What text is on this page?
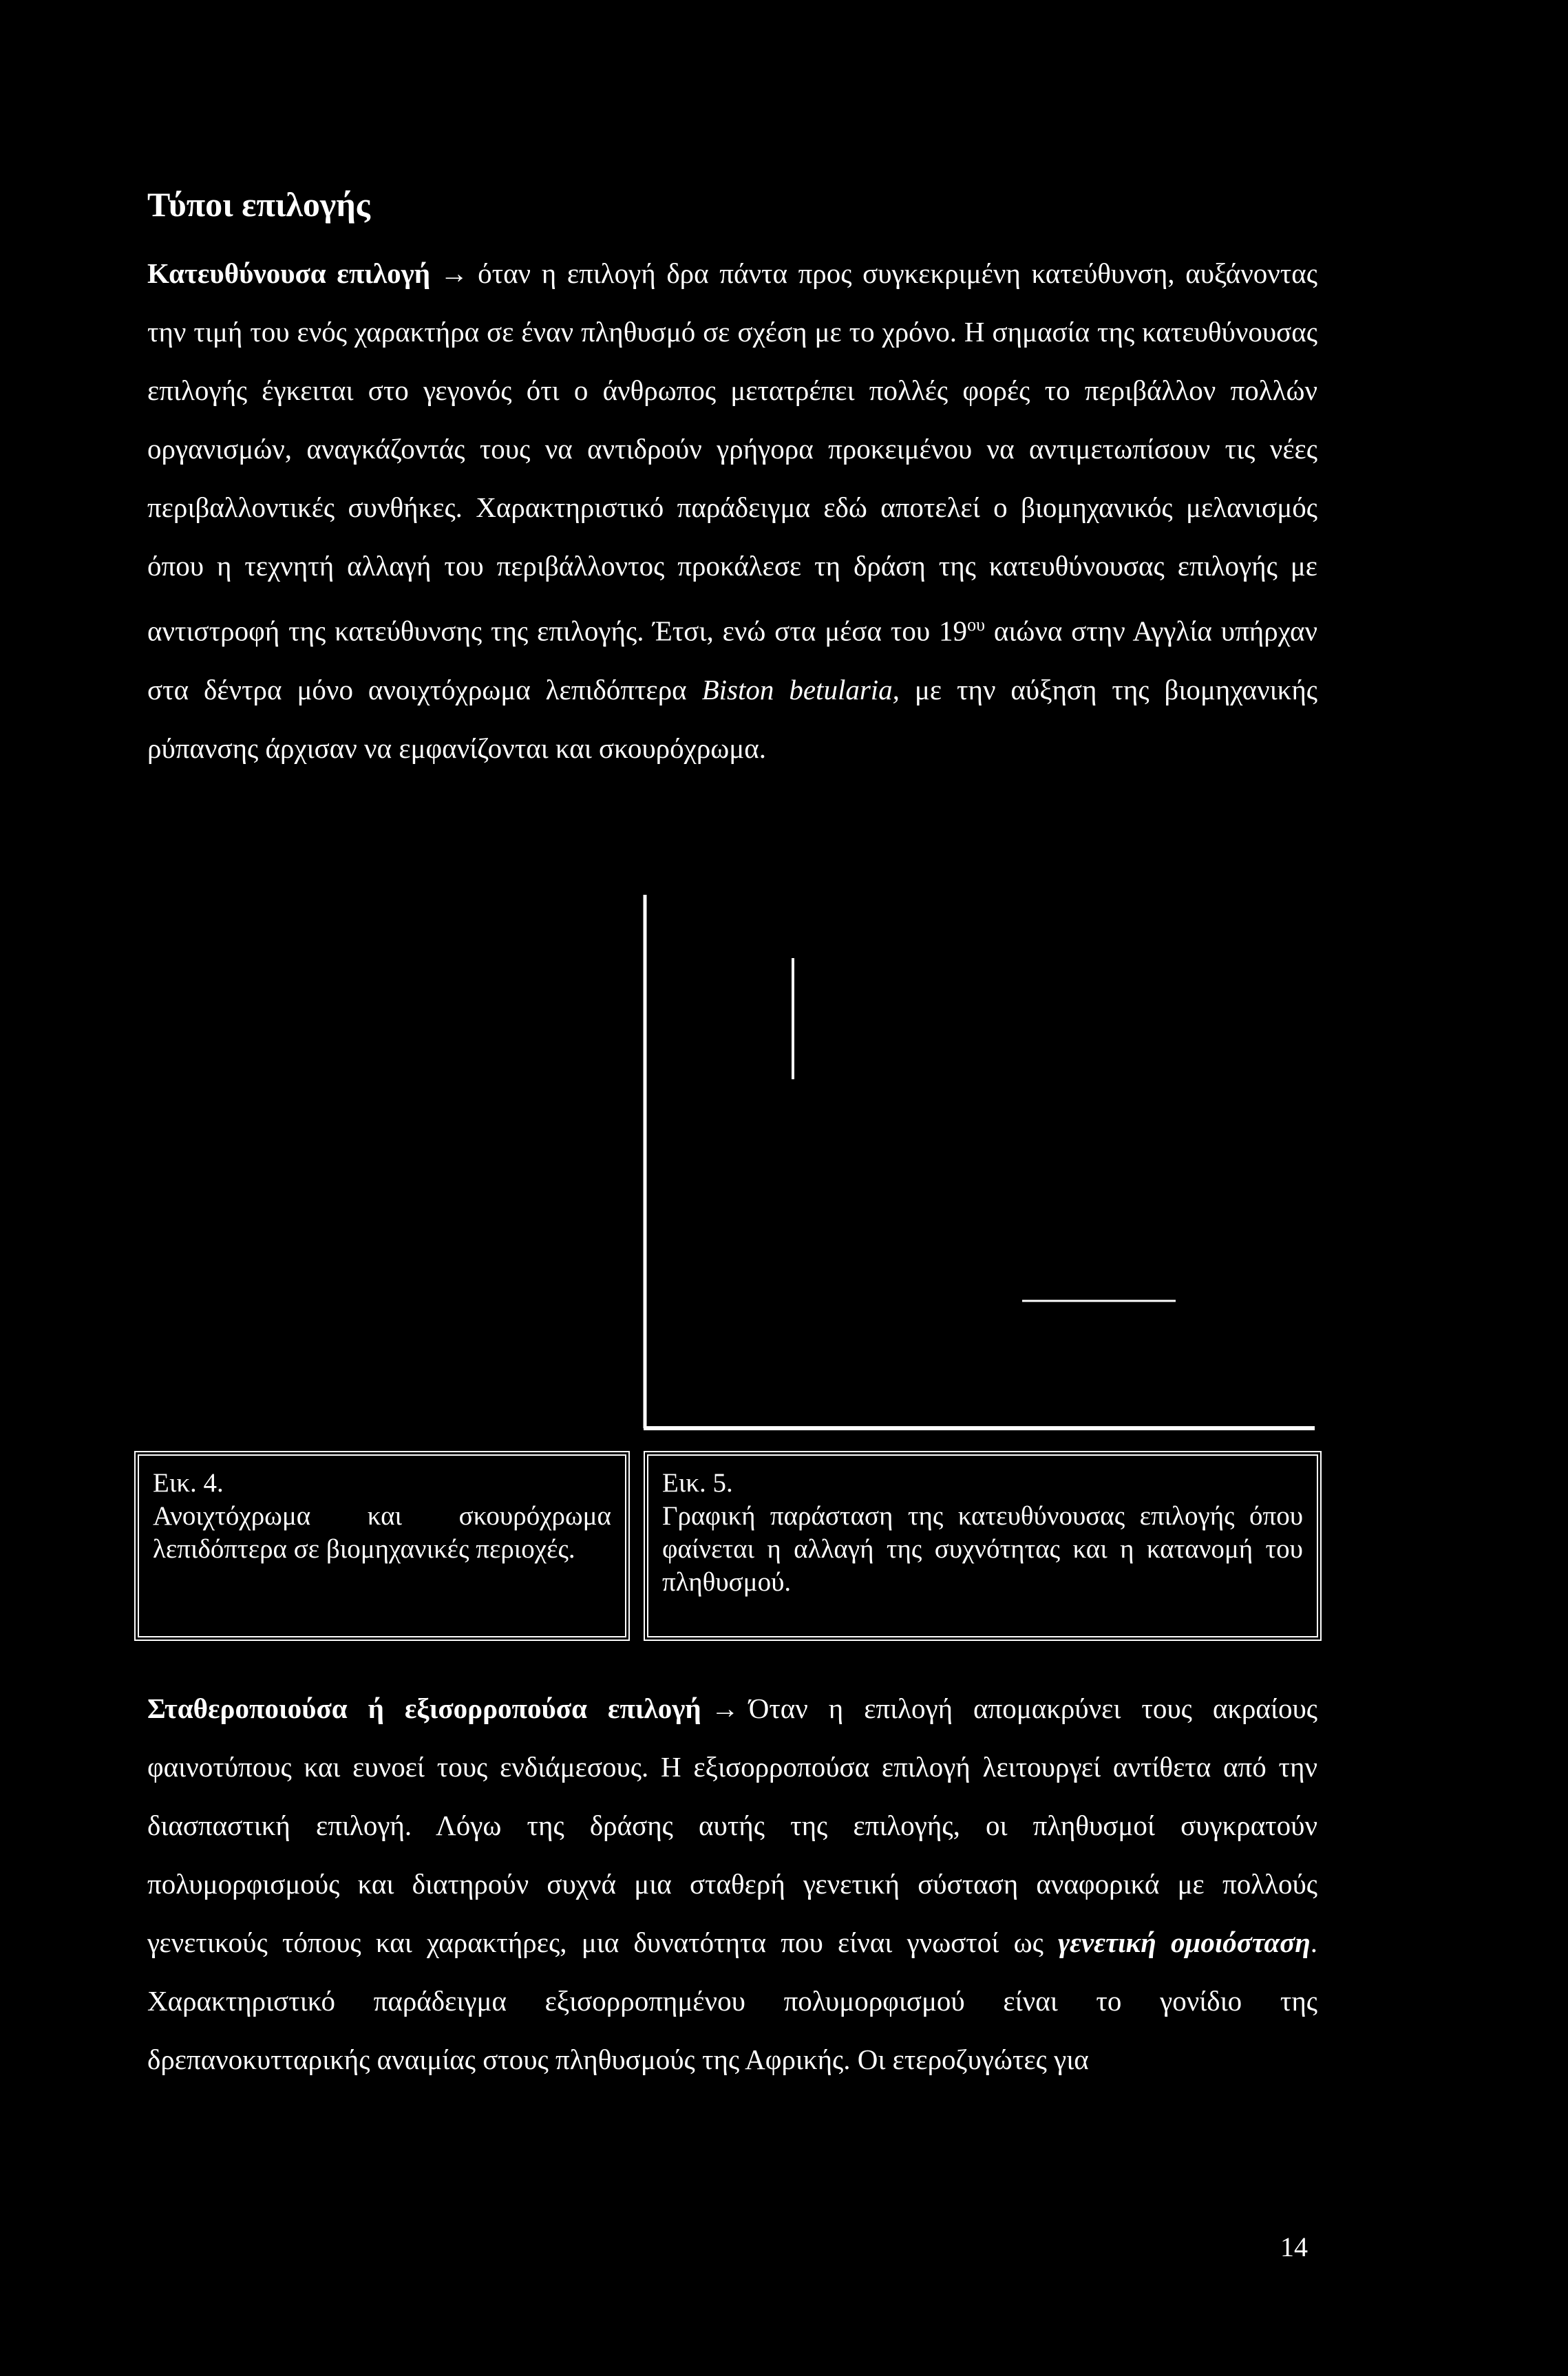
Τύποι επιλογής

Κατευθύνουσα επιλογή → όταν η επιλογή δρα πάντα προς συγκεκριμένη κατεύθυνση, αυξάνοντας την τιμή του ενός χαρακτήρα σε έναν πληθυσμό σε σχέση με το χρόνο. Η σημασία της κατευθύνουσας επιλογής έγκειται στο γεγονός ότι ο άνθρωπος μετατρέπει πολλές φορές το περιβάλλον πολλών οργανισμών, αναγκάζοντάς τους να αντιδρούν γρήγορα προκειμένου να αντιμετωπίσουν τις νέες περιβαλλοντικές συνθήκες. Χαρακτηριστικό παράδειγμα εδώ αποτελεί ο βιομηχανικός μελανισμός όπου η τεχνητή αλλαγή του περιβάλλοντος προκάλεσε τη δράση της κατευθύνουσας επιλογής με αντιστροφή της κατεύθυνσης της επιλογής. Έτσι, ενώ στα μέσα του $19^{o\upsilon}$ αιώνα στην Αγγλία υπήρχαν στα δέντρα μόνο ανοιχτόχρωμα λεπιδόπτερα Biston betularia, με την αύξηση της βιομηχανικής ρύπανσης άρχισαν να εμφανίζονται και σκουρόχρωμα.

Εικ. 4.
Ανοιχτόχρωμα και σκουρόχρωμα λεπιδόπτερα σε βιομηχανικές περιοχές.
Εικ. 5.
Γραφική παράσταση της κατευθύνουσας επιλογής όπου φαίνεται η αλλαγή της συχνότητας και η κατανομή του πληθυσμού.

Σταθεροποιούσα ή εξισορροπούσα επιλογή → Όταν η επιλογή απομακρύνει τους ακραίους φαινοτύπους και ευνοεί τους ενδιάμεσους. Η εξισορροπούσα επιλογή λειτουργεί αντίθετα από την διασπαστική επιλογή. Λόγω της δράσης αυτής της επιλογής, οι πληθυσμοί συγκρατούν πολυμορφισμούς και διατηρούν συχνά μια σταθερή γενετική σύσταση αναφορικά με πολλούς γενετικούς τόπους και χαρακτήρες, μια δυνατότητα που είναι γνωστοί ως γενετική ομοιόσταση. Χαρακτηριστικό παράδειγμα εξισορροπημένου πολυμορφισμού είναι το γονίδιο της δρεπανοκυτταρικής αναιμίας στους πληθυσμούς της Αφρικής. Οι ετεροζυγώτες για

14
